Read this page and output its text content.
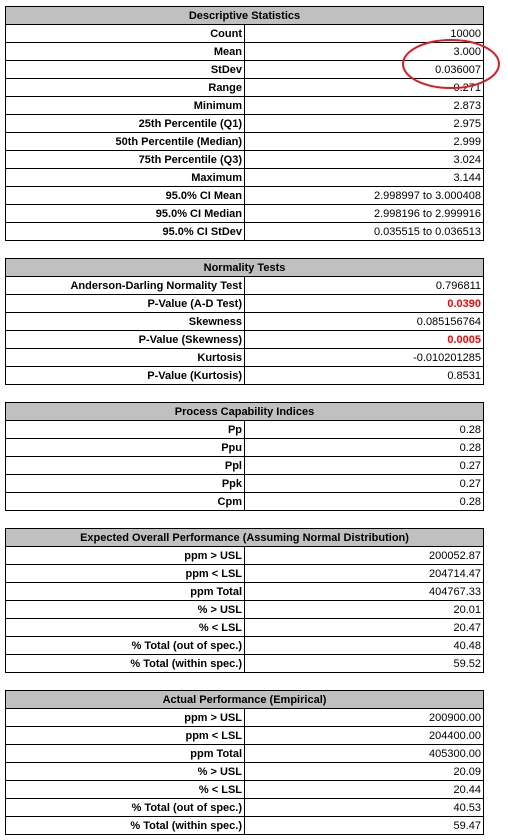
Descriptive Statistics	
Count	10000
Mean	3.000
StDev	0.036007
Range	0.271
Minimum	2.873
25th Percentile (Q1)	2.975
50th Percentile (Median)	2.999
75th Percentile (Q3)	3.024
Maximum	3.144
95.0% CI Mean	2.998997 to 3.000408
95.0% CI Median	2.998196 to 2.999916
95.0% CI StDev	0.035515 to 0.036513
Normality Tests	
Anderson-Darling Normality Test	0.796811
P-Value (A-D Test)	0.0390
Skewness	0.085156764
P-Value (Skewness)	0.0005
Kurtosis	-0.010201285
P-Value (Kurtosis)	0.8531
Process Capability Indices	
Pp	0.28
Ppu	0.28
Ppl	0.27
Ppk	0.27
Cpm	0.28
Expected Overall Performance (Assuming Normal Distribution)	
ppm > USL	200052.87
ppm < LSL	204714.47
ppm Total	404767.33
% > USL	20.01
% < LSL	20.47
% Total (out of spec.)	40.48
% Total (within spec.)	59.52
Actual Performance (Empirical)	
ppm > USL	200900.00
ppm < LSL	204400.00
ppm Total	405300.00
% > USL	20.09
% < LSL	20.44
% Total (out of spec.)	40.53
% Total (within spec.)	59.47
